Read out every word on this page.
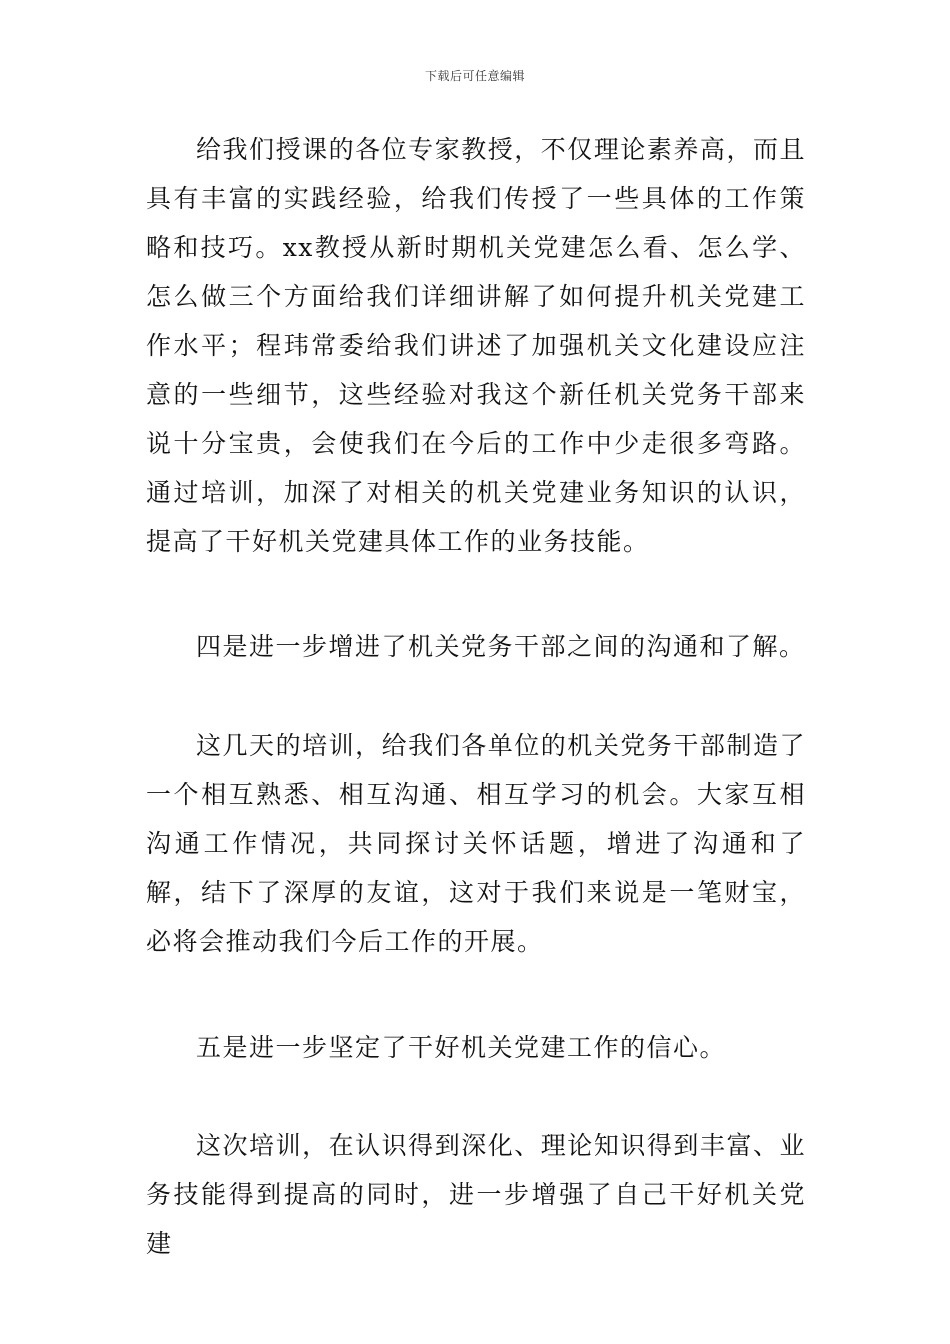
下载后可任意编辑

给我们授课的各位专家教授，不仅理论素养高，而且具有丰富的实践经验，给我们传授了一些具体的工作策略和技巧。xx教授从新时期机关党建怎么看、怎么学、怎么做三个方面给我们详细讲解了如何提升机关党建工作水平；程玮常委给我们讲述了加强机关文化建设应注意的一些细节，这些经验对我这个新任机关党务干部来说十分宝贵，会使我们在今后的工作中少走很多弯路。通过培训，加深了对相关的机关党建业务知识的认识，提高了干好机关党建具体工作的业务技能。

四是进一步增进了机关党务干部之间的沟通和了解。

这几天的培训，给我们各单位的机关党务干部制造了一个相互熟悉、相互沟通、相互学习的机会。大家互相沟通工作情况，共同探讨关怀话题，增进了沟通和了解，结下了深厚的友谊，这对于我们来说是一笔财宝，必将会推动我们今后工作的开展。

五是进一步坚定了干好机关党建工作的信心。

这次培训，在认识得到深化、理论知识得到丰富、业务技能得到提高的同时，进一步增强了自己干好机关党建
